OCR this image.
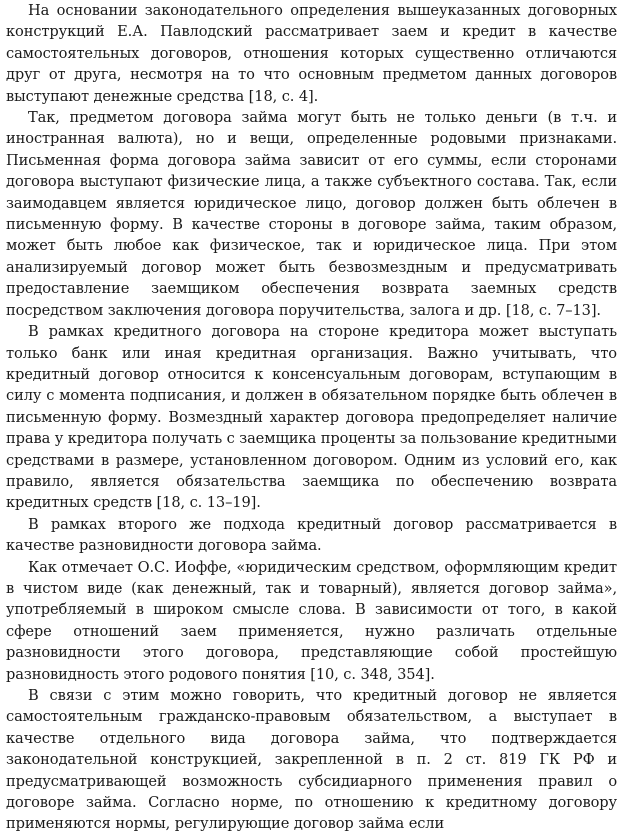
На основании законодательного определения вышеуказанных договорных конструкций Е.А. Павлодский рассматривает заем и кредит в качестве самостоятельных договоров, отношения которых существенно отличаются друг от друга, несмотря на то что основным предметом данных договоров выступают денежные средства [18, с. 4].

Так, предметом договора займа могут быть не только деньги (в т.ч. и иностранная валюта), но и вещи, определенные родовыми признаками. Письменная форма договора займа зависит от его суммы, если сторонами договора выступают физические лица, а также субъектного состава. Так, если заимодавцем является юридическое лицо, договор должен быть облечен в письменную форму. В качестве стороны в договоре займа, таким образом, может быть любое как физическое, так и юридическое лица. При этом анализируемый договор может быть безвозмездным и предусматривать предоставление заемщиком обеспечения возврата заемных средств посредством заключения договора поручительства, залога и др. [18, с. 7–13].

В рамках кредитного договора на стороне кредитора может выступать только банк или иная кредитная организация. Важно учитывать, что кредитный договор относится к консенсуальным договорам, вступающим в силу с момента подписания, и должен в обязательном порядке быть облечен в письменную форму. Возмездный характер договора предопределяет наличие права у кредитора получать с заемщика проценты за пользование кредитными средствами в размере, установленном договором. Одним из условий его, как правило, является обязательства заемщика по обеспечению возврата кредитных средств [18, с. 13–19].

В рамках второго же подхода кредитный договор рассматривается в качестве разновидности договора займа.

Как отмечает О.С. Иоффе, «юридическим средством, оформляющим кредит в чистом виде (как денежный, так и товарный), является договор займа», употребляемый в широком смысле слова. В зависимости от того, в какой сфере отношений заем применяется, нужно различать отдельные разновидности этого договора, представляющие собой простейшую разновидность этого родового понятия [10, с. 348, 354].

В связи с этим можно говорить, что кредитный договор не является самостоятельным гражданско-правовым обязательством, а выступает в качестве отдельного вида договора займа, что подтверждается законодательной конструкцией, закрепленной в п. 2 ст. 819 ГК РФ и предусматривающей возможность субсидиарного применения правил о договоре займа. Согласно норме, по отношению к кредитному договору применяются нормы, регулирующие договор займа если
